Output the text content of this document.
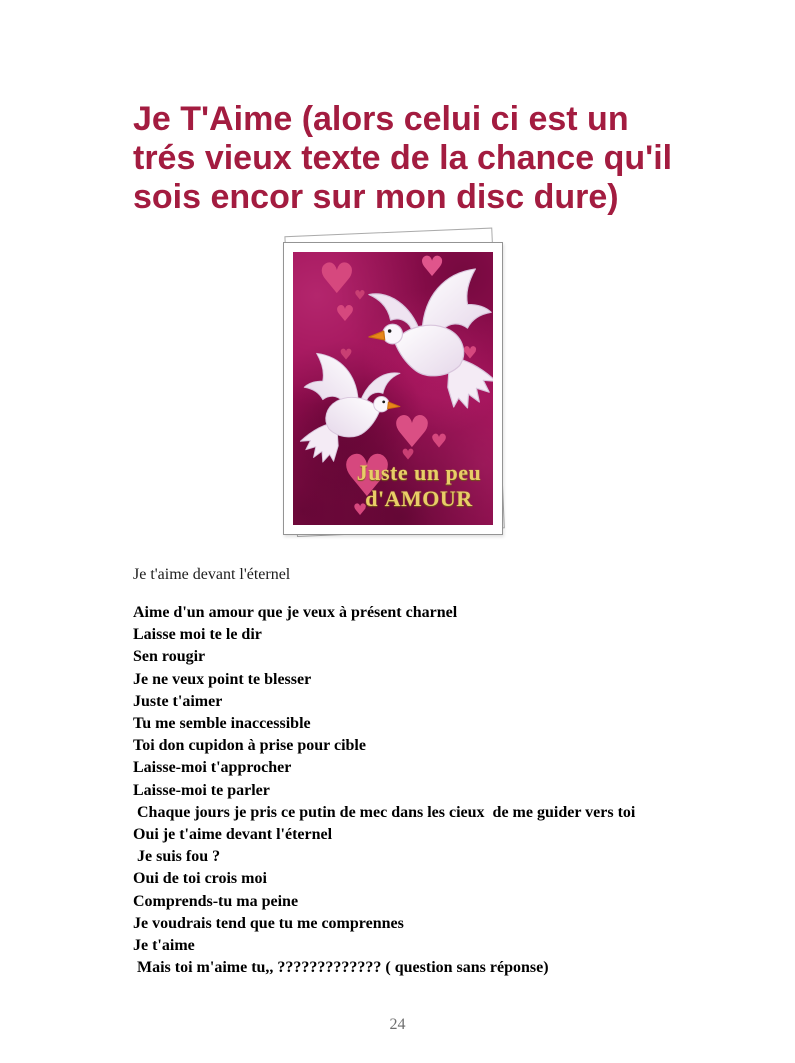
Je T'Aime (alors celui ci est un
trés vieux texte de la chance qu'il
sois encor sur mon disc dure)
♥
♥
♥
♥
♥
♥
♥
♥
♥
♥
♥
Juste un peu
d'AMOUR

Je t'aime devant l'éternel

Aime d'un amour que je veux à présent charnel
Laisse moi te le dir
Sen rougir
Je ne veux point te blesser
Juste t'aimer
Tu me semble inaccessible
Toi don cupidon à prise pour cible
Laisse-moi t'approcher
Laisse-moi te parler
Chaque jours je pris ce putin de mec dans les cieux  de me guider vers toi
Oui je t'aime devant l'éternel
Je suis fou ?
Oui de toi crois moi
Comprends-tu ma peine
Je voudrais tend que tu me comprennes
Je t'aime
Mais toi m'aime tu,, ????????????? ( question sans réponse)
24
